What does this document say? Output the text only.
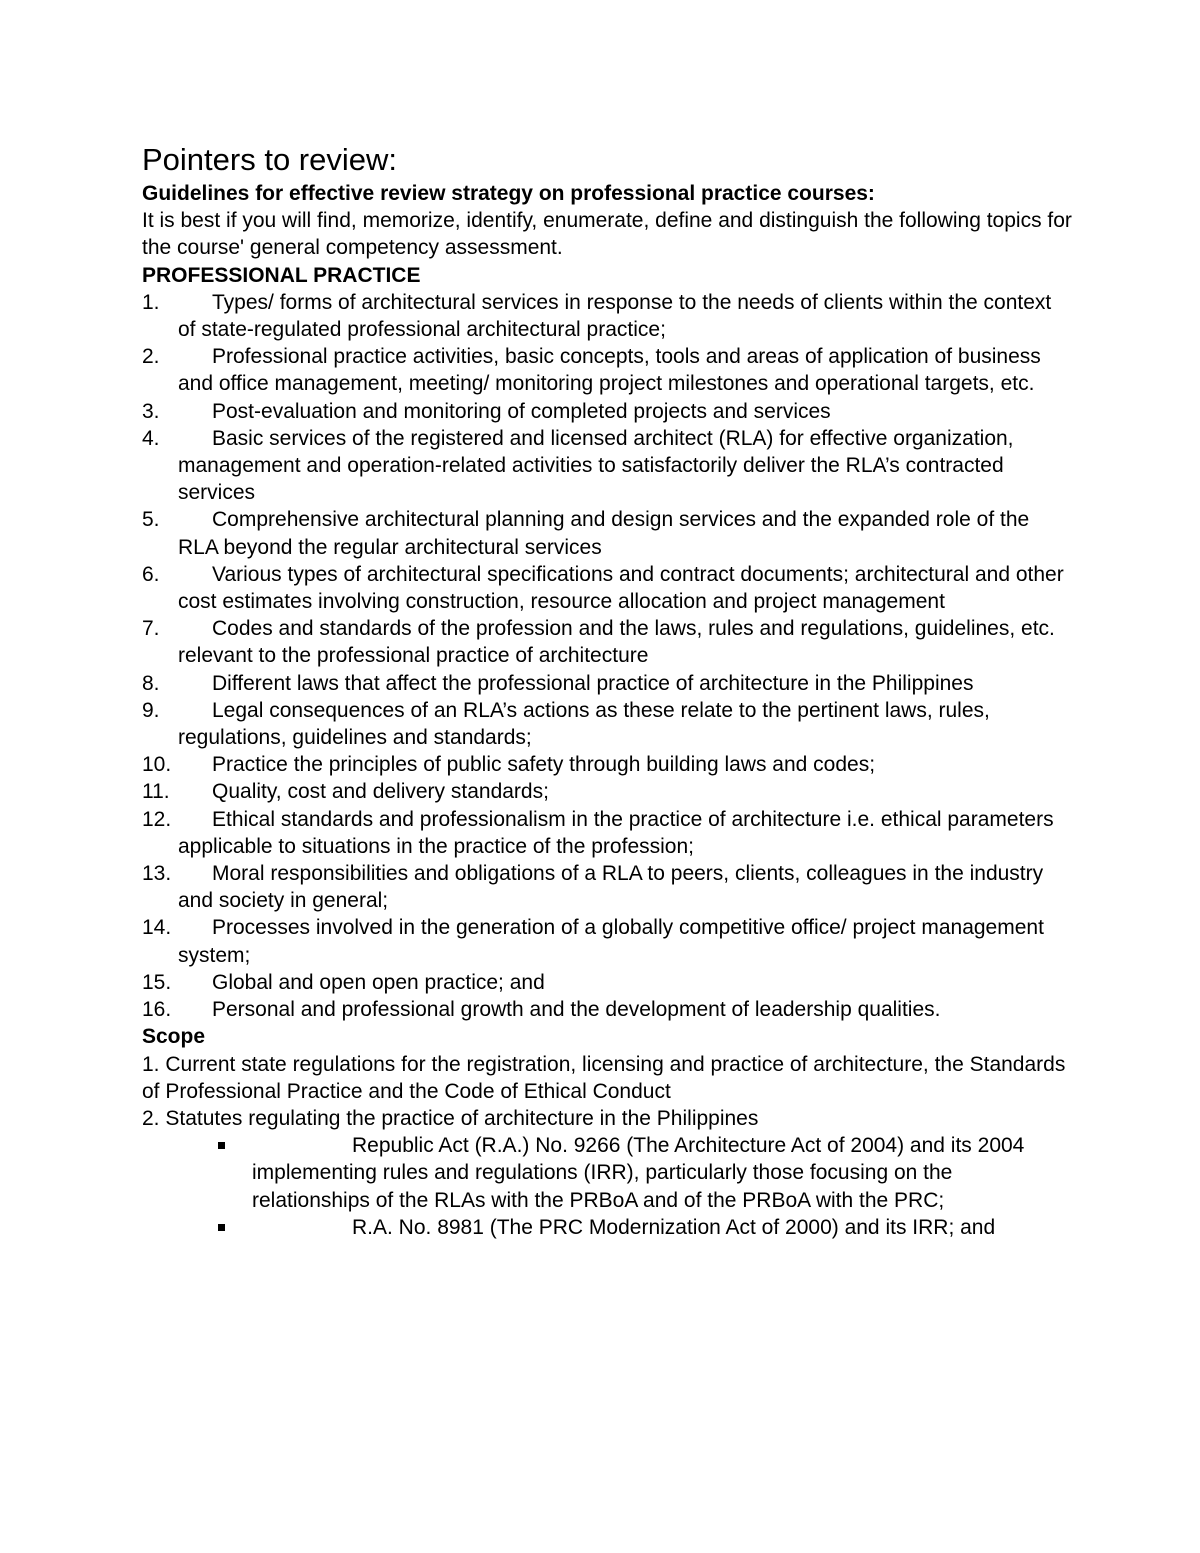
Pointers to review:
Guidelines for effective review strategy on professional practice courses:
It is best if you will find, memorize, identify, enumerate, define and distinguish the following topics for the course' general competency assessment.
PROFESSIONAL PRACTICE
1.	Types/ forms of architectural services in response to the needs of clients within the context of state-regulated professional architectural practice;
2.	Professional practice activities, basic concepts, tools and areas of application of business and office management, meeting/ monitoring project milestones and operational targets, etc.
3.	Post-evaluation and monitoring of completed projects and services
4.	Basic services of the registered and licensed architect (RLA) for effective organization, management and operation-related activities to satisfactorily deliver the RLA’s contracted services
5.	Comprehensive architectural planning and design services and the expanded role of the RLA beyond the regular architectural services
6.	Various types of architectural specifications and contract documents; architectural and other cost estimates involving construction, resource allocation and project management
7.	Codes and standards of the profession and the laws, rules and regulations, guidelines, etc. relevant to the professional practice of architecture
8.	Different laws that affect the professional practice of architecture in the Philippines
9.	Legal consequences of an RLA’s actions as these relate to the pertinent laws, rules, regulations, guidelines and standards;
10.	Practice the principles of public safety through building laws and codes;
11.	Quality, cost and delivery standards;
12.	Ethical standards and professionalism in the practice of architecture i.e. ethical parameters applicable to situations in the practice of the profession;
13.	Moral responsibilities and obligations of a RLA to peers, clients, colleagues in the industry and society in general;
14.	Processes involved in the generation of a globally competitive office/ project management system;
15.	Global and open open practice; and
16.	Personal and professional growth and the development of leadership qualities.
Scope
1. Current state regulations for the registration, licensing and practice of architecture, the Standards of Professional Practice and the Code of Ethical Conduct
2. Statutes regulating the practice of architecture in the Philippines
Republic Act (R.A.) No. 9266 (The Architecture Act of 2004) and its 2004 implementing rules and regulations (IRR), particularly those focusing on the relationships of the RLAs with the PRBoA and of the PRBoA with the PRC;
R.A. No. 8981 (The PRC Modernization Act of 2000) and its IRR; and
